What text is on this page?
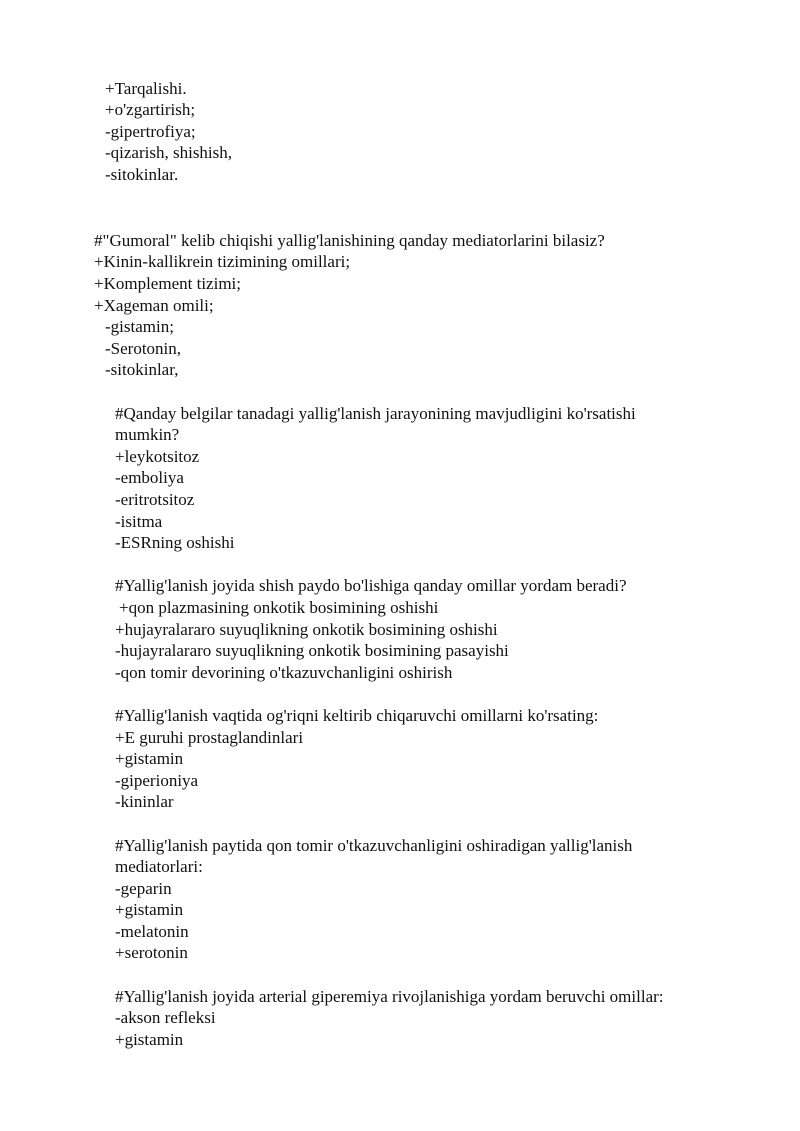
+Tarqalishi.
+o'zgartirish;
-gipertrofiya;
-qizarish, shishish,
-sitokinlar.
#"Gumoral" kelib chiqishi yallig'lanishining qanday mediatorlarini bilasiz?
+Kinin-kallikrein tizimining omillari;
+Komplement tizimi;
+Xageman omili;
-gistamin;
-Serotonin,
-sitokinlar,
#Qanday belgilar tanadagi yallig'lanish jarayonining mavjudligini ko'rsatishi
mumkin?
+leykotsitoz
-emboliya
-eritrotsitoz
-isitma
-ESRning oshishi
#Yallig'lanish joyida shish paydo bo'lishiga qanday omillar yordam beradi?
+qon plazmasining onkotik bosimining oshishi
+hujayralararo suyuqlikning onkotik bosimining oshishi
-hujayralararo suyuqlikning onkotik bosimining pasayishi
-qon tomir devorining o'tkazuvchanligini oshirish
#Yallig'lanish vaqtida og'riqni keltirib chiqaruvchi omillarni ko'rsating:
+E guruhi prostaglandinlari
+gistamin
-giperioniya
-kininlar
#Yallig'lanish paytida qon tomir o'tkazuvchanligini oshiradigan yallig'lanish
mediatorlari:
-geparin
+gistamin
-melatonin
+serotonin
#Yallig'lanish joyida arterial giperemiya rivojlanishiga yordam beruvchi omillar:
-akson refleksi
+gistamin
